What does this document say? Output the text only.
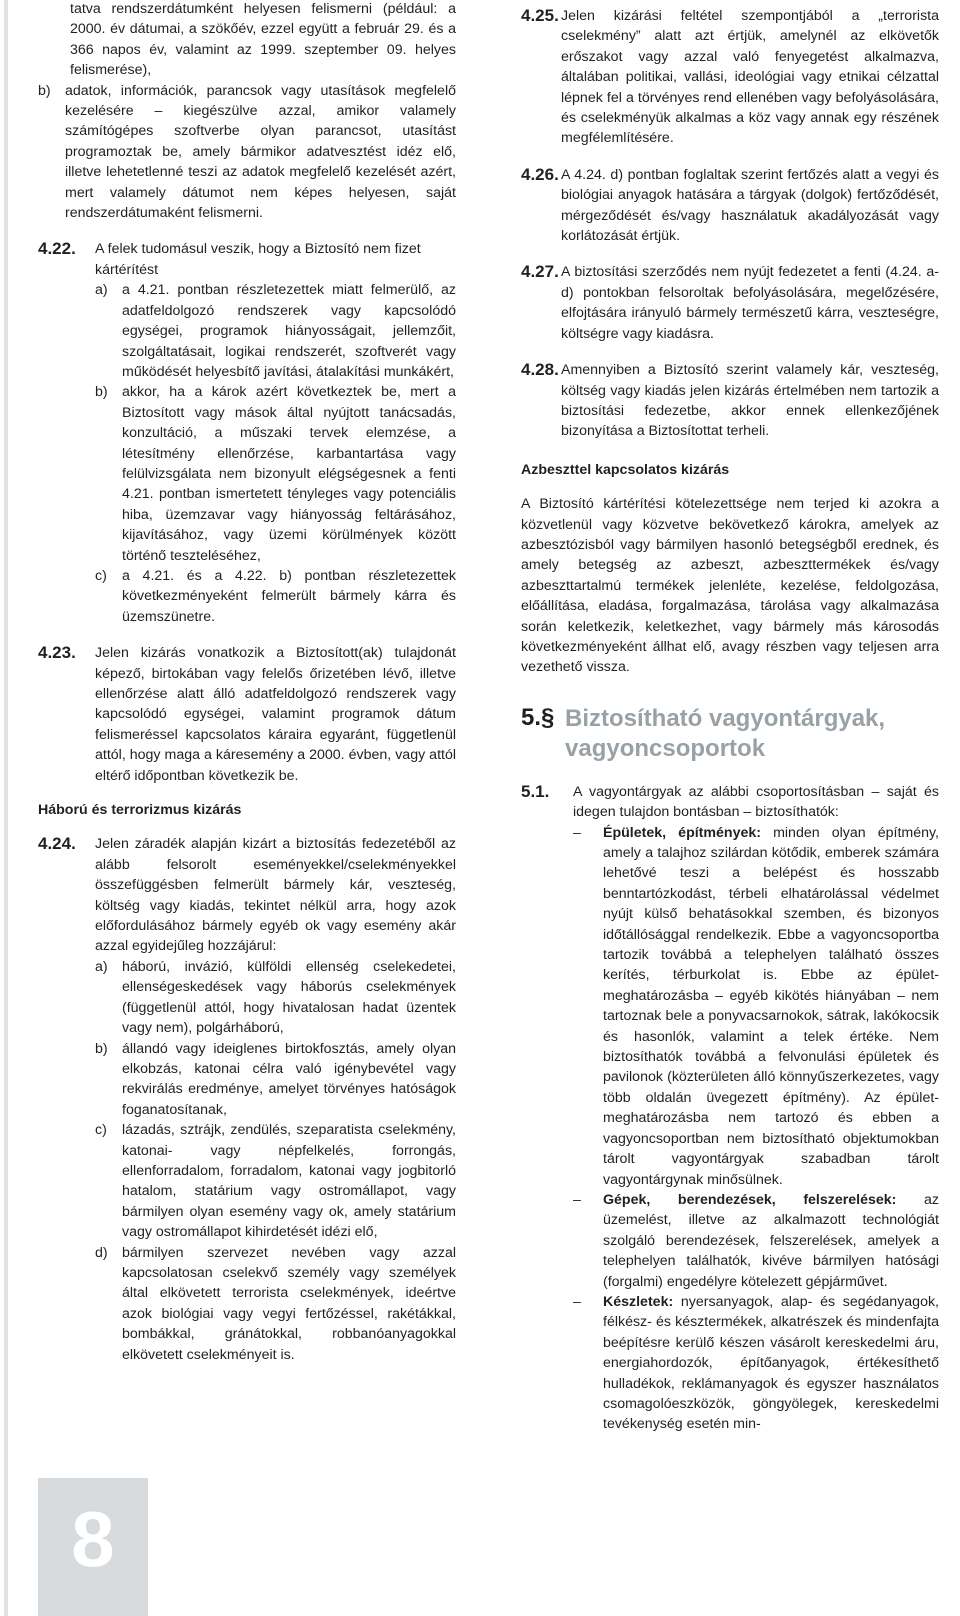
tatva rendszerdátumként helyesen felismerni (például: a 2000. év dátumai, a szökőév, ezzel együtt a február 29. és a 366 napos év, valamint az 1999. szeptember 09. helyes felismerése),

b)	adatok, információk, parancsok vagy utasítások megfelelő kezelésére – kiegészülve azzal, amikor valamely számítógépes szoftverbe olyan parancsot, utasítást programoztak be, amely bármikor adatvesztést idéz elő, illetve lehetetlenné teszi az adatok megfelelő kezelését azért, mert valamely dátumot nem képes helyesen, saját rendszerdátumaként felismerni.
4.22.	A felek tudomásul veszik, hogy a Biztosító nem fizet kártérítést

a)	a 4.21. pontban részletezettek miatt felmerülő, az adatfeldolgozó rendszerek vagy kapcsolódó egységei, programok hiányosságait, jellemzőit, szolgáltatásait, logikai rendszerét, szoftverét vagy működését helyesbítő javítási, átalakítási munkákért,
b)	akkor, ha a károk azért következtek be, mert a Biztosított vagy mások által nyújtott tanácsadás, konzultáció, a műszaki tervek elemzése, a létesítmény ellenőrzése, karbantartása vagy felülvizsgálata nem bizonyult elégségesnek a fenti 4.21. pontban ismertetett tényleges vagy potenciális hiba, üzemzavar vagy hiányosság feltárásához, kijavításához, vagy üzemi körülmények között történő teszteléséhez,
c)	a 4.21. és a 4.22. b) pontban részletezettek következményeként felmerült bármely kárra és üzemszünetre.
4.23.	Jelen kizárás vonatkozik a Biztosított(ak) tulajdonát képező, birtokában vagy felelős őrizetében lévő, illetve ellenőrzése alatt álló adatfeldolgozó rendszerek vagy kapcsolódó egységei, valamint programok dátum felismeréssel kapcsolatos káraira egyaránt, függetlenül attól, hogy maga a káresemény a 2000. évben, vagy attól eltérő időpontban következik be.

Háború és terrorizmus kizárás

4.24.	Jelen záradék alapján kizárt a biztosítás fedezetéből az alább felsorolt eseményekkel/cselekményekkel összefüggésben felmerült bármely kár, veszteség, költség vagy kiadás, tekintet nélkül arra, hogy azok előfordulásához bármely egyéb ok vagy esemény akár azzal egyidejűleg hozzájárul:

a)	háború, invázió, külföldi ellenség cselekedetei, ellenségeskedések vagy háborús cselekmények (függetlenül attól, hogy hivatalosan hadat üzentek vagy nem), polgárháború,
b)	állandó vagy ideiglenes birtokfosztás, amely olyan elkobzás, katonai célra való igénybevétel vagy rekvirálás eredménye, amelyet törvényes hatóságok foganatosítanak,
c)	lázadás, sztrájk, zendülés, szeparatista cselekmény, katonai- vagy népfelkelés, forrongás, ellenforradalom, forradalom, katonai vagy jogbitorló hatalom, statárium vagy ostromállapot, vagy bármilyen olyan esemény vagy ok, amely statárium vagy ostromállapot kihirdetését idézi elő,
d)	bármilyen szervezet nevében vagy azzal kapcsolatosan cselekvő személy vagy személyek által elkövetett terrorista cselekmények, ideértve azok biológiai vagy vegyi fertőzéssel, rakétákkal, bombákkal, gránátokkal, robbanóanyagokkal elkövetett cselekményeit is.
4.25. Jelen kizárási feltétel szempontjából a „terrorista cselekmény” alatt azt értjük, amelynél az elkövetők erőszakot vagy azzal való fenyegetést alkalmazva, általában politikai, vallási, ideológiai vagy etnikai célzattal lépnek fel a törvényes rend ellenében vagy befolyásolására, és cselekményük alkalmas a köz vagy annak egy részének megfélemlítésére.

4.26. A 4.24. d) pontban foglaltak szerint fertőzés alatt a vegyi és biológiai anyagok hatására a tárgyak (dolgok) fertőződését, mérgeződését és/vagy használatuk akadályozását vagy korlátozását értjük.

4.27. A biztosítási szerződés nem nyújt fedezetet a fenti (4.24. a-d) pontokban felsoroltak befolyásolására, megelőzésére, elfojtására irányuló bármely természetű kárra, veszteségre, költségre vagy kiadásra.

4.28. Amennyiben a Biztosító szerint valamely kár, veszteség, költség vagy kiadás jelen kizárás értelmében nem tartozik a biztosítási fedezetbe, akkor ennek ellenkezőjének bizonyítása a Biztosítottat terheli.

Azbeszttel kapcsolatos kizárás

A Biztosító kártérítési kötelezettsége nem terjed ki azokra a közvetlenül vagy közvetve bekövetkező károkra, amelyek az azbesztózisból vagy bármilyen hasonló betegségből erednek, és amely betegség az azbeszt, azbeszttermékek és/vagy azbeszttartalmú termékek jelenléte, kezelése, feldolgozása, előállítása, eladása, forgalmazása, tárolása vagy alkalmazása során keletkezik, keletkezhet, vagy bármely más károsodás következményeként állhat elő, avagy részben vagy teljesen arra vezethető vissza.

5.§ Biztosítható vagyontárgyak, vagyoncsoportok
5.1.	A vagyontárgyak az alábbi csoportosításban – saját és idegen tulajdon bontásban – biztosíthatók:

–	Épületek, építmények: minden olyan építmény, amely a talajhoz szilárdan kötődik, emberek számára lehetővé teszi a belépést és hosszabb benntartózkodást, térbeli elhatárolással védelmet nyújt külső behatásokkal szemben, és bizonyos időtállósággal rendelkezik. Ebbe a vagyoncsoportba tartozik továbbá a telephelyen található összes kerítés, térburkolat is. Ebbe az épület-meghatározásba – egyéb kikötés hiányában – nem tartoznak bele a ponyvacsarnokok, sátrak, lakókocsik és hasonlók, valamint a telek értéke. Nem biztosíthatók továbbá a felvonulási épületek és pavilonok (közterületen álló könnyűszerkezetes, vagy több oldalán üvegezett építmény). Az épület-meghatározásba nem tartozó és ebben a vagyoncsoportban nem biztosítható objektumokban tárolt vagyontárgyak szabadban tárolt vagyontárgynak minősülnek.
–	Gépek, berendezések, felszerelések: az üzemelést, illetve az alkalmazott technológiát szolgáló berendezések, felszerelések, amelyek a telephelyen találhatók, kivéve bármilyen hatósági (forgalmi) engedélyre kötelezett gépjárművet.
–	Készletek: nyersanyagok, alap- és segédanyagok, félkész- és késztermékek, alkatrészek és mindenfajta beépítésre kerülő készen vásárolt kereskedelmi áru, energiahordozók, építőanyagok, értékesíthető hulladékok, reklámanyagok és egyszer használatos csomagolóeszközök, göngyölegek, kereskedelmi tevékenység esetén min-
8
